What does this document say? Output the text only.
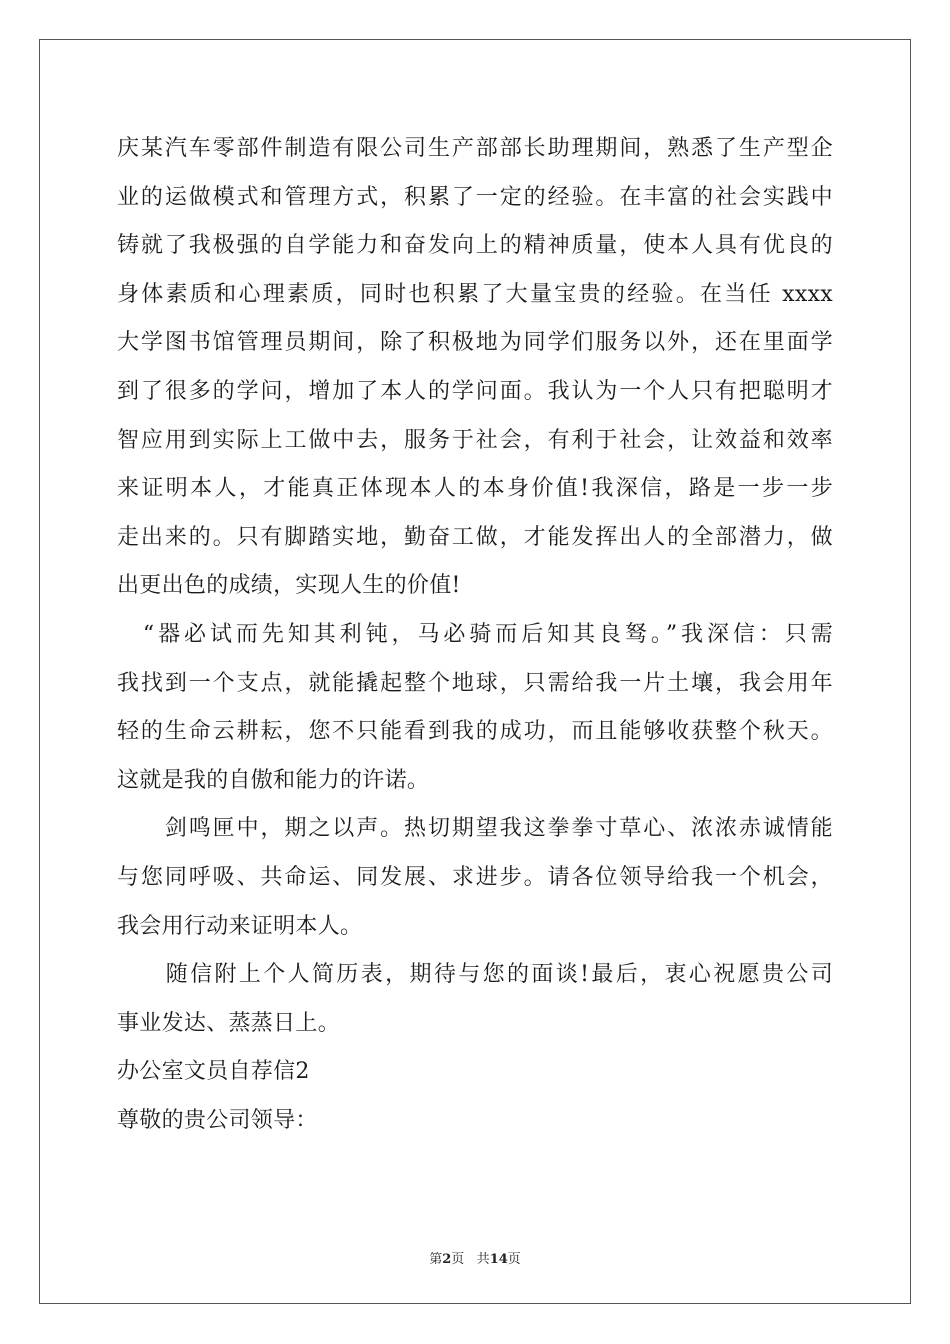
庆某汽车零部件制造有限公司生产部部长助理期间，熟悉了生产型企
业的运做模式和管理方式，积累了一定的经验。在丰富的社会实践中
铸就了我极强的自学能力和奋发向上的精神质量，使本人具有优良的
身体素质和心理素质，同时也积累了大量宝贵的经验。在当任 xxxx
大学图书馆管理员期间，除了积极地为同学们服务以外，还在里面学
到了很多的学问，增加了本人的学问面。我认为一个人只有把聪明才
智应用到实际上工做中去，服务于社会，有利于社会，让效益和效率
来证明本人，才能真正体现本人的本身价值!我深信，路是一步一步
走出来的。只有脚踏实地，勤奋工做，才能发挥出人的全部潜力，做
出更出色的成绩，实现人生的价值!
　“器必试而先知其利钝，马必骑而后知其良驽。”我深信：只需
我找到一个支点，就能撬起整个地球，只需给我一片土壤，我会用年
轻的生命云耕耘，您不只能看到我的成功，而且能够收获整个秋天。
这就是我的自傲和能力的许诺。
　　剑鸣匣中，期之以声。热切期望我这拳拳寸草心、浓浓赤诚情能
与您同呼吸、共命运、同发展、求进步。请各位领导给我一个机会，
我会用行动来证明本人。
　　随信附上个人简历表，期待与您的面谈!最后，衷心祝愿贵公司
事业发达、蒸蒸日上。
办公室文员自荐信2
尊敬的贵公司领导：
第2页 共14页
